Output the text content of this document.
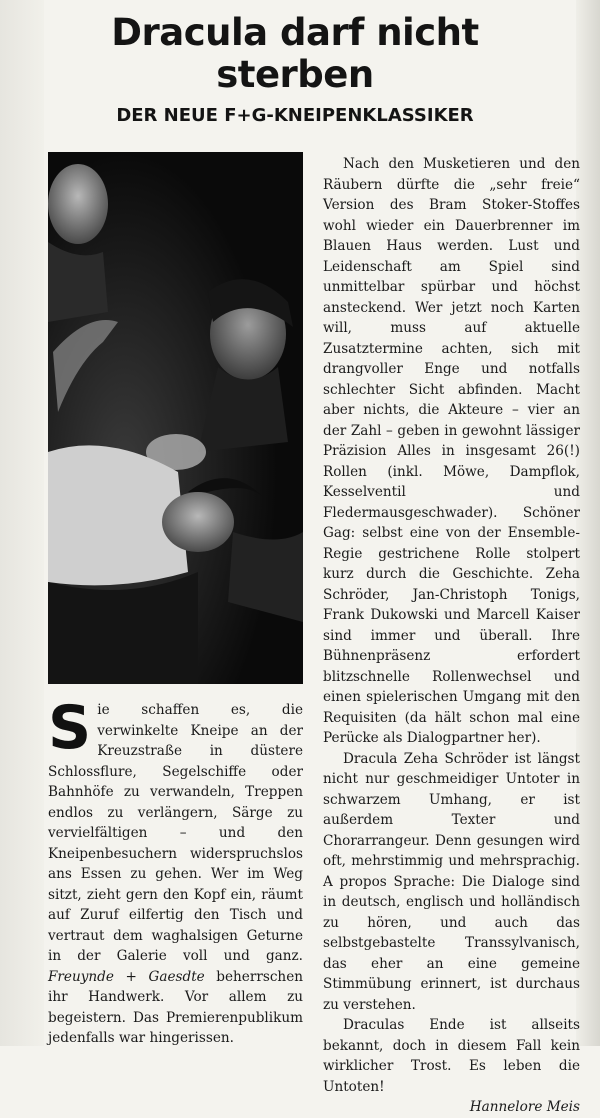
Dracula darf nicht
sterben
DER NEUE F+G-KNEIPENKLASSIKER

Sie schaffen es, die verwinkelte Kneipe an der Kreuzstraße in düstere Schlossflure, Segelschiffe oder Bahnhöfe zu verwandeln, Treppen endlos zu verlängern, Särge zu vervielfältigen – und den Kneipenbesuchern widerspruchslos ans Essen zu gehen. Wer im Weg sitzt, zieht gern den Kopf ein, räumt auf Zuruf eilfertig den Tisch und vertraut dem waghalsigen Geturne in der Galerie voll und ganz. Freuynde + Gaesdte beherrschen ihr Handwerk. Vor allem zu begeistern. Das Premierenpublikum jedenfalls war hingerissen.

Nach den Musketieren und den Räubern dürfte die „sehr freie“ Version des Bram Stoker-Stoffes wohl wieder ein Dauerbrenner im Blauen Haus werden. Lust und Leidenschaft am Spiel sind unmittelbar spürbar und höchst ansteckend. Wer jetzt noch Karten will, muss auf aktuelle Zusatztermine achten, sich mit drangvoller Enge und notfalls schlechter Sicht abfinden. Macht aber nichts, die Akteure – vier an der Zahl – geben in gewohnt lässiger Präzision Alles in insgesamt 26(!) Rollen (inkl. Möwe, Dampflok, Kesselventil und Fledermausgeschwader). Schöner Gag: selbst eine von der Ensemble-Regie gestrichene Rolle stolpert kurz durch die Geschichte. Zeha Schröder, Jan-Christoph Tonigs, Frank Dukowski und Marcell Kaiser sind immer und überall. Ihre Bühnenpräsenz erfordert blitzschnelle Rollenwechsel und einen spielerischen Umgang mit den Requisiten (da hält schon mal eine Perücke als Dialogpartner her).

Dracula Zeha Schröder ist längst nicht nur geschmeidiger Untoter in schwarzem Umhang, er ist außerdem Texter und Chorarrangeur. Denn gesungen wird oft, mehrstimmig und mehrsprachig. A propos Sprache: Die Dialoge sind in deutsch, englisch und holländisch zu hören, und auch das selbstgebastelte Transsylvanisch, das eher an eine gemeine Stimmübung erinnert, ist durchaus zu verstehen.

Draculas Ende ist allseits bekannt, doch in diesem Fall kein wirklicher Trost. Es leben die Untoten!

Hannelore Meis
